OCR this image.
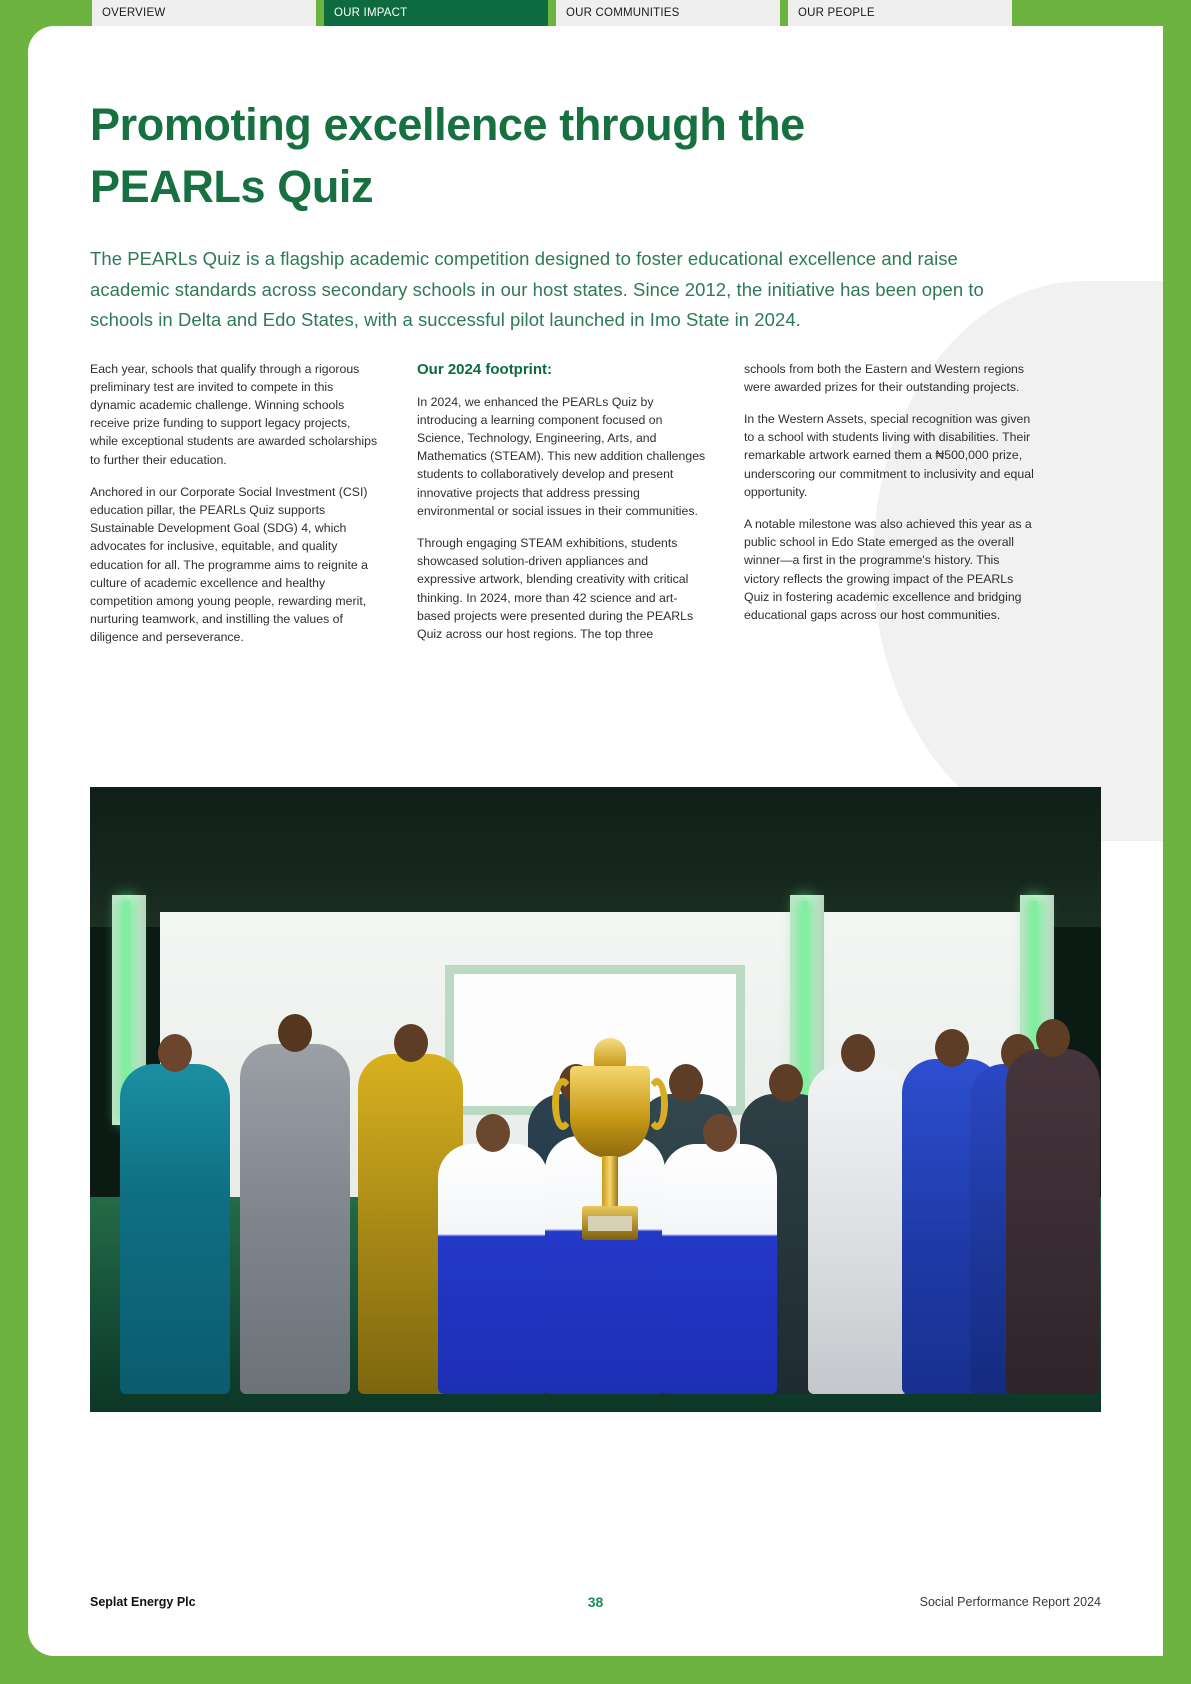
OVERVIEW	OUR IMPACT	OUR COMMUNITIES	OUR PEOPLE
Promoting excellence through the PEARLs Quiz
The PEARLs Quiz is a flagship academic competition designed to foster educational excellence and raise academic standards across secondary schools in our host states. Since 2012, the initiative has been open to schools in Delta and Edo States, with a successful pilot launched in Imo State in 2024.

Each year, schools that qualify through a rigorous preliminary test are invited to compete in this dynamic academic challenge. Winning schools receive prize funding to support legacy projects, while exceptional students are awarded scholarships to further their education.

Anchored in our Corporate Social Investment (CSI) education pillar, the PEARLs Quiz supports Sustainable Development Goal (SDG) 4, which advocates for inclusive, equitable, and quality education for all. The programme aims to reignite a culture of academic excellence and healthy competition among young people, rewarding merit, nurturing teamwork, and instilling the values of diligence and perseverance.

Our 2024 footprint:

In 2024, we enhanced the PEARLs Quiz by introducing a learning component focused on Science, Technology, Engineering, Arts, and Mathematics (STEAM). This new addition challenges students to collaboratively develop and present innovative projects that address pressing environmental or social issues in their communities.

Through engaging STEAM exhibitions, students showcased solution-driven appliances and expressive artwork, blending creativity with critical thinking. In 2024, more than 42 science and art-based projects were presented during the PEARLs Quiz across our host regions. The top three

schools from both the Eastern and Western regions were awarded prizes for their outstanding projects.

In the Western Assets, special recognition was given to a school with students living with disabilities. Their remarkable artwork earned them a ₦500,000 prize, underscoring our commitment to inclusivity and equal opportunity.

A notable milestone was also achieved this year as a public school in Edo State emerged as the overall winner—a first in the programme's history. This victory reflects the growing impact of the PEARLs Quiz in fostering academic excellence and bridging educational gaps across our host communities.

Seplat Energy Plc	38	Social Performance Report 2024
